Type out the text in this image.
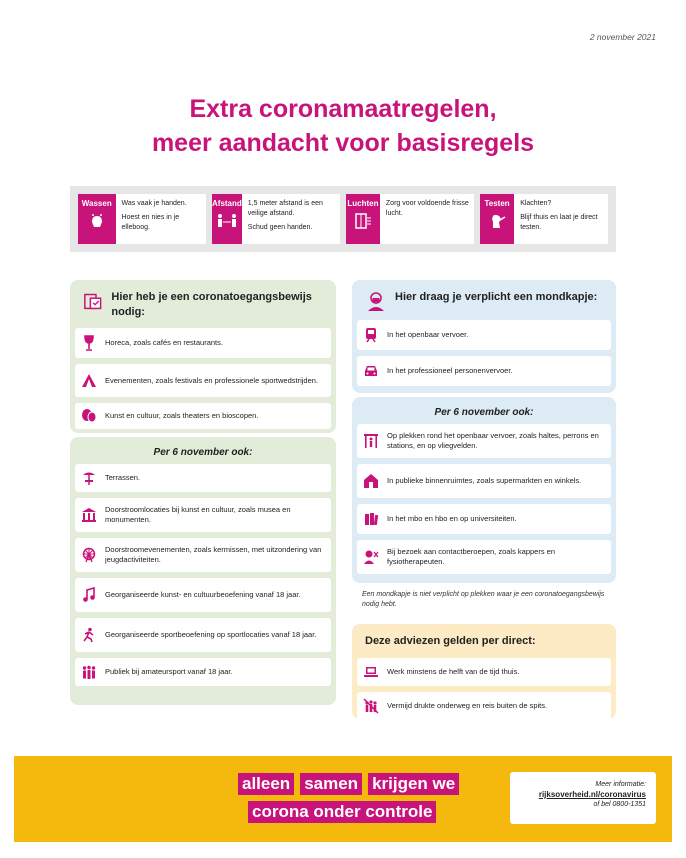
2 november 2021
Extra coronamaatregelen,
meer aandacht voor basisregels
Wassen Was vaak je handen.

Hoest en nies in je elleboog.

Afstand 1,5 meter afstand is een veilige afstand.

Schud geen handen.

Luchten Zorg voor voldoende frisse lucht.

Testen Klachten?

Blijf thuis en laat je direct testen.

Hier heb je een coronatoegangsbewijs nodig:
Horeca, zoals cafés en restaurants.
Evenementen, zoals festivals en professionele sportwedstrijden.
Kunst en cultuur, zoals theaters en bioscopen.
Per 6 november ook:
Terrassen.
Doorstroomlocaties bij kunst en cultuur, zoals musea en monumenten.
Doorstroomevenementen, zoals kermissen, met uitzondering van jeugdactiviteiten.
Georganiseerde kunst- en cultuurbeoefening vanaf 18 jaar.
Georganiseerde sportbeoefening op sportlocaties vanaf 18 jaar.
Publiek bij amateursport vanaf 18 jaar.
Hier draag je verplicht een mondkapje:
In het openbaar vervoer.
In het professioneel personenvervoer.
Per 6 november ook:
Op plekken rond het openbaar vervoer, zoals haltes, perrons en stations, en op vliegvelden.
In publieke binnenruimtes, zoals supermarkten en winkels.
In het mbo en hbo en op universiteiten.
Bij bezoek aan contactberoepen, zoals kappers en fysiotherapeuten.
Een mondkapje is niet verplicht op plekken waar je een coronatoegangsbewijs nodig hebt.
Deze adviezen gelden per direct:
Werk minstens de helft van de tijd thuis.
Vermijd drukte onderweg en reis buiten de spits.
alleen samen krijgen we
corona onder controle
Meer informatie:
rijksoverheid.nl/coronavirus
of bel 0800-1351
